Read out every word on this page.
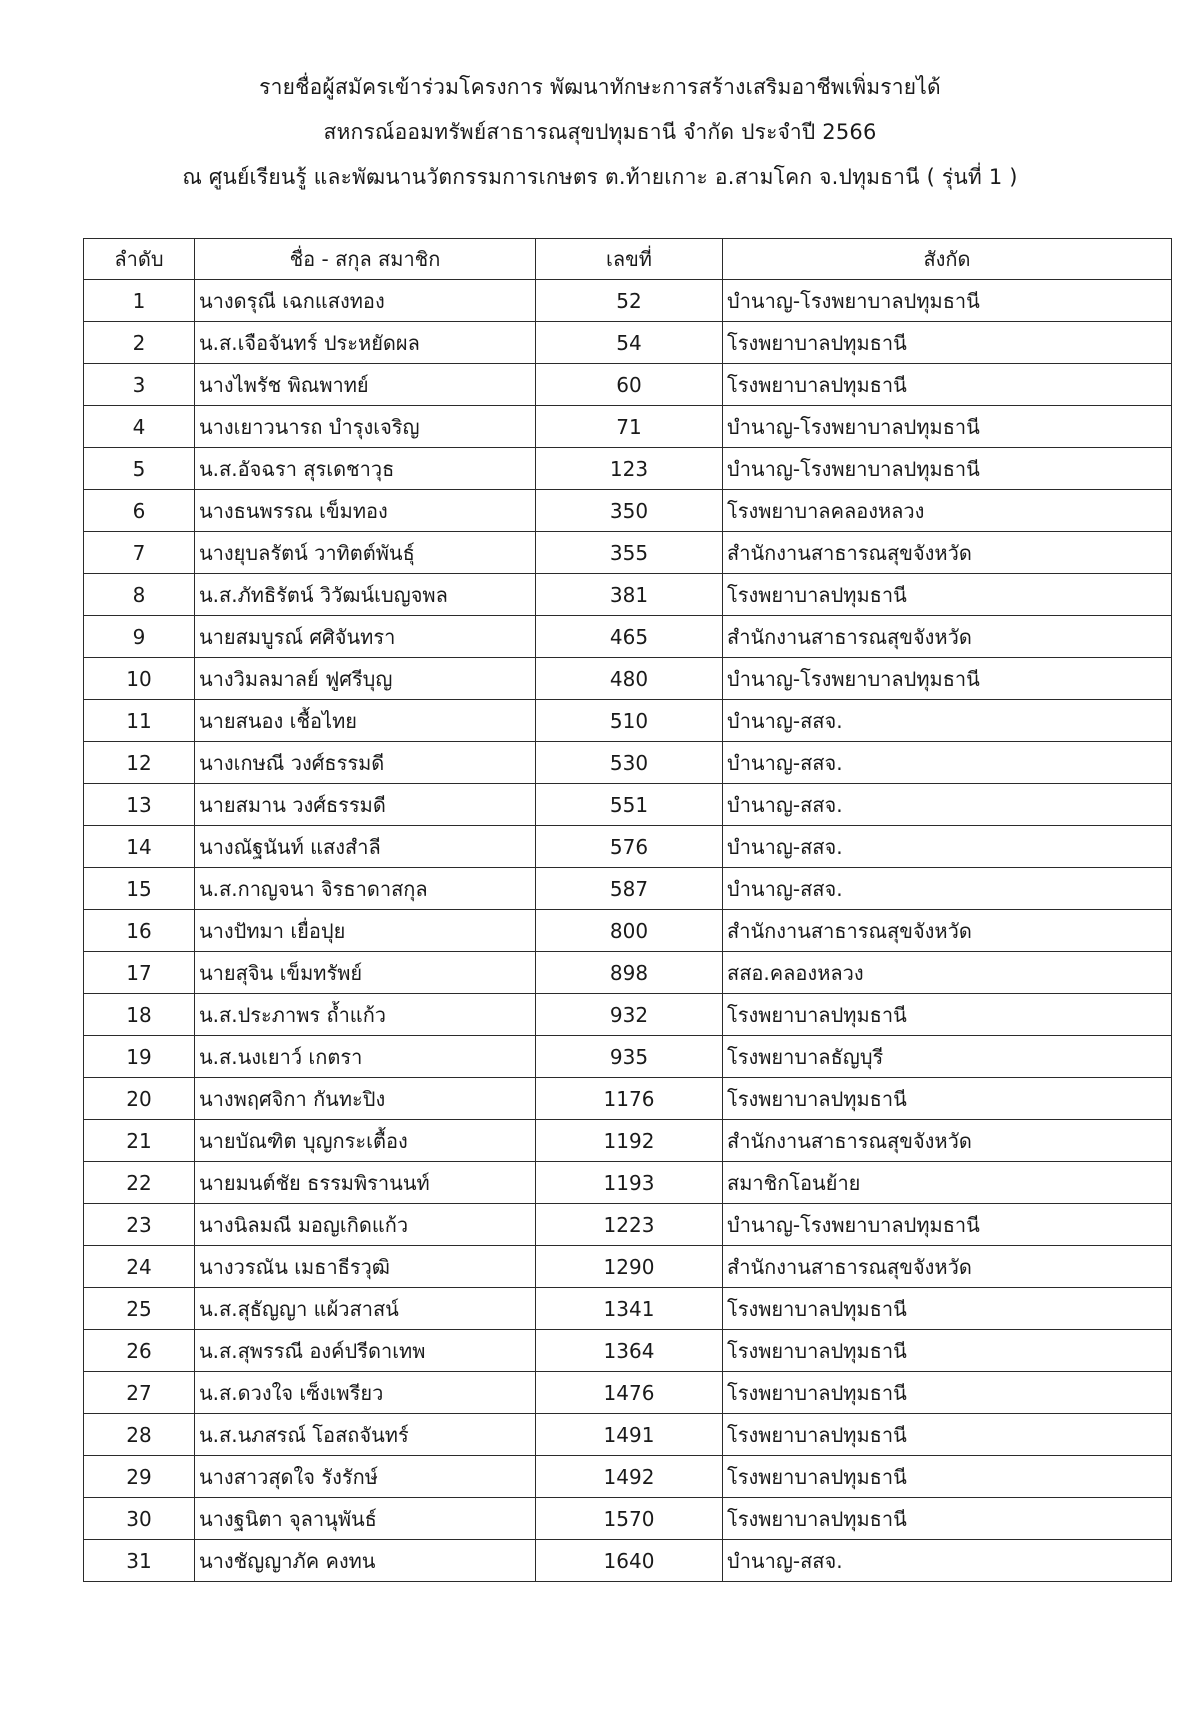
รายชื่อผู้สมัครเข้าร่วมโครงการ พัฒนาทักษะการสร้างเสริมอาชีพเพิ่มรายได้
สหกรณ์ออมทรัพย์สาธารณสุขปทุมธานี จำกัด ประจำปี 2566
ณ ศูนย์เรียนรู้ และพัฒนานวัตกรรมการเกษตร ต.ท้ายเกาะ อ.สามโคก จ.ปทุมธานี ( รุ่นที่ 1 )
ลำดับ	ชื่อ - สกุล สมาชิก	เลขที่	สังกัด
1	นางดรุณี เฉกแสงทอง	52	บำนาญ-โรงพยาบาลปทุมธานี
2	น.ส.เจือจันทร์ ประหยัดผล	54	โรงพยาบาลปทุมธานี
3	นางไพรัช พิณพาทย์	60	โรงพยาบาลปทุมธานี
4	นางเยาวนารถ บำรุงเจริญ	71	บำนาญ-โรงพยาบาลปทุมธานี
5	น.ส.อัจฉรา สุรเดชาวุธ	123	บำนาญ-โรงพยาบาลปทุมธานี
6	นางธนพรรณ เข็มทอง	350	โรงพยาบาลคลองหลวง
7	นางยุบลรัตน์ วาทิตต์พันธุ์	355	สำนักงานสาธารณสุขจังหวัด
8	น.ส.ภัทธิรัตน์ วิวัฒน์เบญจพล	381	โรงพยาบาลปทุมธานี
9	นายสมบูรณ์ ศศิจันทรา	465	สำนักงานสาธารณสุขจังหวัด
10	นางวิมลมาลย์ ฟูศรีบุญ	480	บำนาญ-โรงพยาบาลปทุมธานี
11	นายสนอง เชื้อไทย	510	บำนาญ-สสจ.
12	นางเกษณี วงศ์ธรรมดี	530	บำนาญ-สสจ.
13	นายสมาน วงศ์ธรรมดี	551	บำนาญ-สสจ.
14	นางณัฐนันท์ แสงสำลี	576	บำนาญ-สสจ.
15	น.ส.กาญจนา จิรธาดาสกุล	587	บำนาญ-สสจ.
16	นางปัทมา เยื่อปุย	800	สำนักงานสาธารณสุขจังหวัด
17	นายสุจิน เข็มทรัพย์	898	สสอ.คลองหลวง
18	น.ส.ประภาพร ถ้ำแก้ว	932	โรงพยาบาลปทุมธานี
19	น.ส.นงเยาว์ เกตรา	935	โรงพยาบาลธัญบุรี
20	นางพฤศจิกา กันทะปิง	1176	โรงพยาบาลปทุมธานี
21	นายบัณฑิต บุญกระเตื้อง	1192	สำนักงานสาธารณสุขจังหวัด
22	นายมนต์ชัย ธรรมพิรานนท์	1193	สมาชิกโอนย้าย
23	นางนิลมณี มอญเกิดแก้ว	1223	บำนาญ-โรงพยาบาลปทุมธานี
24	นางวรณัน เมธาธีรวุฒิ	1290	สำนักงานสาธารณสุขจังหวัด
25	น.ส.สุธัญญา แผ้วสาสน์	1341	โรงพยาบาลปทุมธานี
26	น.ส.สุพรรณี องค์ปรีดาเทพ	1364	โรงพยาบาลปทุมธานี
27	น.ส.ดวงใจ เซ็งเพรียว	1476	โรงพยาบาลปทุมธานี
28	น.ส.นภสรณ์ โอสถจันทร์	1491	โรงพยาบาลปทุมธานี
29	นางสาวสุดใจ รังรักษ์	1492	โรงพยาบาลปทุมธานี
30	นางฐนิตา จุลานุพันธ์	1570	โรงพยาบาลปทุมธานี
31	นางชัญญาภัค คงทน	1640	บำนาญ-สสจ.
